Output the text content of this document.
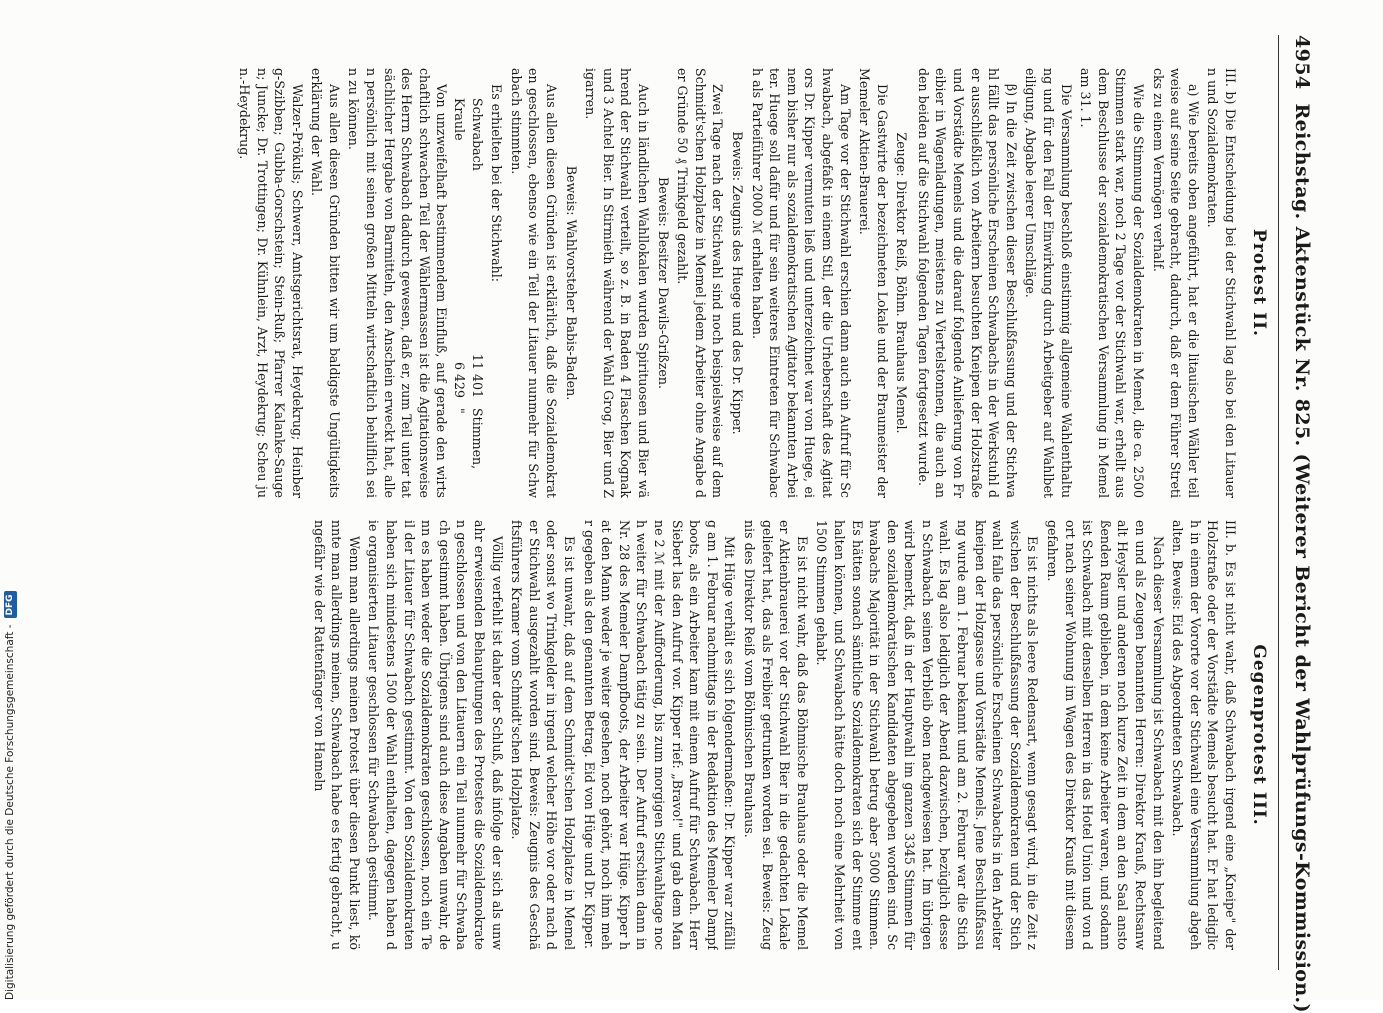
4954
Reichstag. Aktenstück Nr. 825. (Weiterer Bericht der Wahlprüfungs-Kommission.)
Protest II.

III. b) Die Entscheidung bei der Stichwahl lag also bei den Litauern und Sozialdemokraten.

a) Wie bereits oben angeführt, hat er die litauischen Wähler teilweise auf seine Seite gebracht, dadurch, daß er dem Führer Streticks zu einem Vermögen verhalf.

Wie die Stimmung der Sozialdemokraten in Memel, die ca. 2500 Stimmen stark war, noch 2 Tage vor der Stichwahl war, erhellt aus dem Beschlusse der sozialdemokratischen Versammlung in Memel am 31. 1.

Die Versammlung beschloß einstimmig allgemeine Wahlenthaltung und für den Fall der Einwirkung durch Arbeitgeber auf Wahlbeteiligung, Abgabe leerer Umschläge.

β) In die Zeit zwischen dieser Beschlußfassung und der Stichwahl fällt das persönliche Erscheinen Schwabachs in der Werkstuhl der ausschließlich von Arbeitern besuchten Kneipen der Holzstraße und Vorstädte Memels und die darauf folgende Anlieferung von Freibier in Wagenladungen, meistens zu Viertelstonnen, die auch an den beiden auf die Stichwahl folgenden Tagen fortgesetzt wurde.

Zeuge: Direktor Reiß, Böhm. Brauhaus Memel.

Die Gastwirte der bezeichneten Lokale und der Braumeister der Memeler Aktien-Brauerei.

Am Tage vor der Stichwahl erschien dann auch ein Aufruf für Schwabach, abgefaßt in einem Stil, der die Urheberschaft des Agitators Dr. Kipper vermuten ließ und unterzeichnet war von Huege, einem bisher nur als sozialdemokratischen Agitator bekannten Arbeiter. Huege soll dafür und für sein weiteres Eintreten für Schwabach als Parteiführer 2000 ℳ erhalten haben.

Beweis: Zeugnis des Huege und des Dr. Kipper.

Zwei Tage nach der Stichwahl sind noch beispielsweise auf dem Schmidt'schen Holzplatze in Memel jedem Arbeiter ohne Angabe der Gründe 50 ₰ Trinkgeld gezahlt.

Beweis: Besitzer Dawils-Grißzen.

Auch in ländlichen Wahllokalen wurden Spirituosen und Bier während der Stichwahl verteilt, so z. B. in Baden 4 Flaschen Kognak und 3 Achtel Bier. In Stirmieth während der Wahl Grog, Bier und Zigarren.

Beweis: Wahlvorsteher Babis-Baden.

Aus allen diesen Gründen ist erklärlich, daß die Sozialdemokraten geschlossen, ebenso wie ein Teil der Litauer nunmehr für Schwabach stimmten.

Es erhielten bei der Stichwahl:

Schwabach
11 401
Stimmen,
Kraule
6 429
"

Von unzweifelhaft bestimmendem Einfluß, auf gerade den wirtschaftlich schwachen Teil der Wählermassen ist die Agitationsweise des Herrn Schwabach dadurch gewesen, daß er, zum Teil unter tatsächlicher Hergabe von Barmitteln, den Anschein erweckt hat, allen persönlich mit seinen großen Mitteln wirtschaftlich behilflich sein zu können.

Aus allen diesen Gründen bitten wir um baldigste Ungültigkeitserklärung der Wahl.

Walzer-Prökuls; Schwerr, Amtsgerichtsrat, Heydekrug; Heinberg-Szibben; Gubba-Gorschstein; Stein-Ruß; Pfarrer Kalanke-Saugen; Juncke; Dr. Trottingen; Dr. Kühnlein, Arzt, Heydekrug; Scheu jun.-Heydekrug.

Gegenprotest III.

III. b. Es ist nicht wahr, daß Schwabach irgend eine „Kneipe" der Holzstraße oder der Vorstädte Memels besucht hat. Er hat lediglich in einem der Vororte vor der Stichwahl eine Versammlung abgehalten. Beweis: Eid des Abgeordneten Schwabach.

Nach dieser Versammlung ist Schwabach mit den ihn begleitenden und als Zeugen benannten Herren: Direktor Krauß, Rechtsanwalt Heysler und anderen noch kurze Zeit in dem an den Saal anstoßenden Raum geblieben, in dem keine Arbeiter waren, und sodann ist Schwabach mit denselben Herren in das Hotel Union und von dort nach seiner Wohnung im Wagen des Direktor Krauß mit diesem gefahren.

Es ist nichts als leere Redensart, wenn gesagt wird, in die Zeit zwischen der Beschlußfassung der Sozialdemokraten und der Stichwahl falle das persönliche Erscheinen Schwabachs in den Arbeiterkneipen der Holzgasse und Vorstädte Memels. Jene Beschlußfassung wurde am 1. Februar bekannt und am 2. Februar war die Stichwahl. Es lag also lediglich der Abend dazwischen, bezüglich dessen Schwabach seinen Verbleib oben nachgewiesen hat. Im übrigen wird bemerkt, daß in der Hauptwahl im ganzen 3345 Stimmen für den sozialdemokratischen Kandidaten abgegeben worden sind. Schwabachs Majorität in der Stichwahl betrug aber 5000 Stimmen. Es hätten sonach sämtliche Sozialdemokraten sich der Stimme enthalten können, und Schwabach hätte doch noch eine Mehrheit von 1500 Stimmen gehabt.

Es ist nicht wahr, daß das Böhmische Brauhaus oder die Memeler Aktienbrauerei vor der Stichwahl Bier in die gedachten Lokale geliefert hat, das als Freibier getrunken worden sei. Beweis: Zeugnis des Direktor Reiß vom Böhmischen Brauhaus.

Mit Hüge verhält es sich folgendermaßen: Dr. Kipper war zufällig am 1. Februar nachmittags in der Redaktion des Memeler Dampfboots, als ein Arbeiter kam mit einem Aufruf für Schwabach. Herr Siebert las den Aufruf vor. Kipper rief: „Bravo!" und gab dem Manne 2 ℳ mit der Aufforderung, bis zum morgigen Stichwahltage noch weiter für Schwabach tätig zu sein. Der Aufruf erschien dann in Nr. 28 des Memeler Dampfboots, der Arbeiter war Hüge. Kipper hat den Mann weder je weiter gesehen, noch gehört, noch ihm mehr gegeben als den genannten Betrag. Eid von Hüge und Dr. Kipper.

Es ist unwahr, daß auf dem Schmidt'schen Holzplatze in Memel oder sonst wo Trinkgelder in irgend welcher Höhe vor oder nach der Stichwahl ausgezahlt worden sind. Beweis: Zeugnis des Geschäftsführers Kramer vom Schmidt'schen Holzplatze.

Völlig verfehlt ist daher der Schluß, daß infolge der sich als unwahr erweisenden Behauptungen des Protestes die Sozialdemokraten geschlossen und von den Litauern ein Teil nunmehr für Schwabach gestimmt haben. Übrigens sind auch diese Angaben unwahr, denn es haben weder die Sozialdemokraten geschlossen, noch ein Teil der Litauer für Schwabach gestimmt. Von den Sozialdemokraten haben sich mindestens 1500 der Wahl enthalten, dagegen haben die organisierten Litauer geschlossen für Schwabach gestimmt.

Wenn man allerdings meinen Protest über diesen Punkt liest, könnte man allerdings meinen, Schwabach habe es fertig gebracht, ungefähr wie der Rattenfänger von Hameln

Digitalisierung gefördert durch die Deutsche Forschungsgemeinschaft -
DFG
